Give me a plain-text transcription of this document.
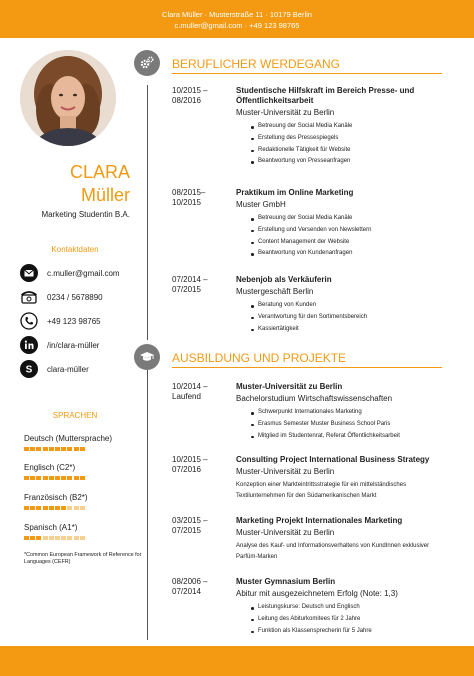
Clara Müller · Musterstraße 11 · 10179 Berlin
c.muller@gmail.com · +49 123 98765
CLARA
Müller
Marketing Studentin B.A.
Kontaktdaten
c.muller@gmail.com
0234 / 5678890
+49 123 98765
/in/clara-müller
S clara-müller
SPRACHEN
Deutsch (Muttersprache)
Englisch (C2*)
Französisch (B2*)
Spanisch (A1*)
*Common European Framework of Reference for Languages (CEFR)
BERUFLICHER WERDEGANG
10/2015 –
08/2016
Studentische Hilfskraft im Bereich Presse- und Öffentlichkeitsarbeit
Muster-Universität zu Berlin
Betreuung der Social Media Kanäle
Erstellung des Pressespiegels
Redaktionelle Tätigkeit für Website
Beantwortung von Presseanfragen
08/2015–
10/2015
Praktikum im Online Marketing
Muster GmbH
Betreuung der Social Media Kanäle
Erstellung und Versenden von Newslettern
Content Management der Website
Beantwortung von Kundenanfragen
07/2014 –
07/2015
Nebenjob als Verkäuferin
Mustergeschäft Berlin
Beratung von Kunden
Verantwortung für den Sortimentsbereich
Kassiertätigkeit
AUSBILDUNG UND PROJEKTE
10/2014 –
Laufend
Muster-Universität zu Berlin
Bachelorstudium Wirtschaftswissenschaften
Schwerpunkt Internationales Marketing
Erasmus Semester Muster Business School Paris
Mitglied im Studentenrat, Referat Öffentlichkeitsarbeit
10/2015 –
07/2016
Consulting Project International Business Strategy
Muster-Universität zu Berlin
Konzeption einer Markteintrittsstrategie für ein mittelständisches Textilunternehmen für den Südamerikanischen Markt
03/2015 –
07/2015
Marketing Projekt Internationales Marketing
Muster-Universität zu Berlin
Analyse des Kauf- und Informationsverhaltens von KundInnen exklusiver Parfüm-Marken
08/2006 –
07/2014
Muster Gymnasium Berlin
Abitur mit ausgezeichnetem Erfolg (Note: 1,3)
Leistungskurse: Deutsch und Englisch
Leitung des Abiturkomitees für 2 Jahre
Funktion als Klassensprecherin für 5 Jahre
